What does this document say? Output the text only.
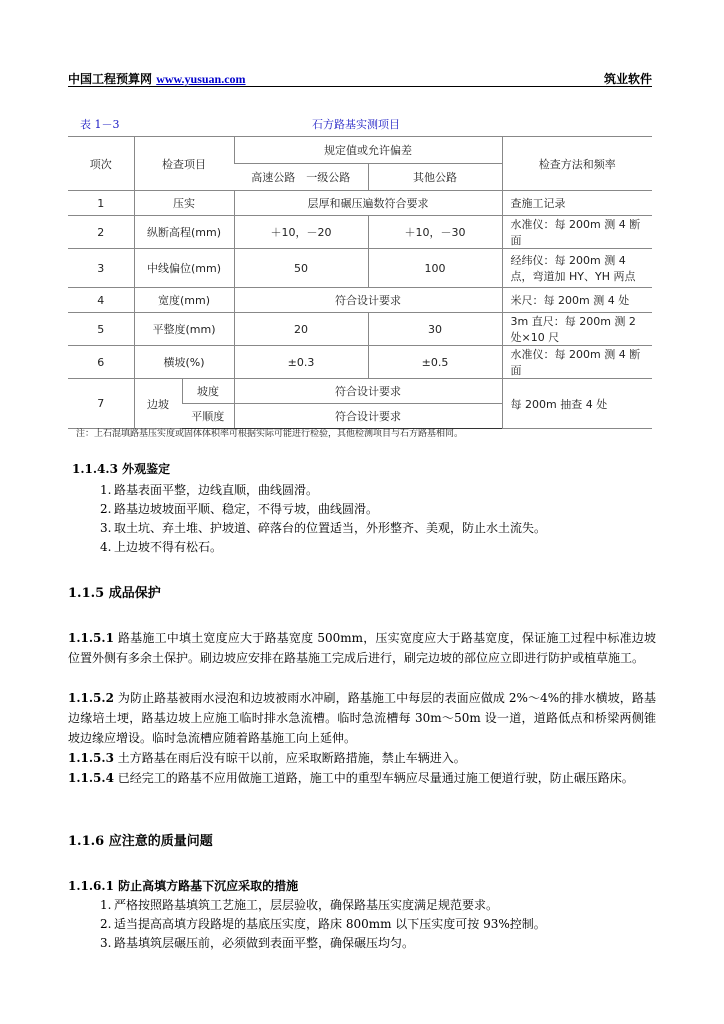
中国工程预算网 www.yusuan.com	筑业软件
表 1－3	石方路基实测项目
项次	检查项目		规定值或允许偏差		检查方法和频率
			高速公路　一级公路	其他公路	
1	压实		层厚和碾压遍数符合要求		查施工记录
2	纵断高程(mm)		＋10，－20	＋10，－30	水准仪：每 200m 测 4 断面
3	中线偏位(mm)		50	100	经纬仪：每 200m 测 4 点，弯道加 HY、YH 两点
4	宽度(mm)		符合设计要求		米尺：每 200m 测 4 处
5	平整度(mm)		20	30	3m 直尺：每 200m 测 2 处×10 尺
6	横坡(%)		±0.3	±0.5	水准仪：每 200m 测 4 断面
7	边坡	坡度	符合设计要求		每 200m 抽查 4 处
		平顺度	符合设计要求		
注：上石混填路基压实度或固体体积率可根据实际可能进行检验，其他检测项目与石方路基相同。
1.1.4.3 外观鉴定
1. 路基表面平整，边线直顺，曲线圆滑。
2. 路基边坡坡面平顺、稳定，不得亏坡，曲线圆滑。
3. 取土坑、弃土堆、护坡道、碎落台的位置适当，外形整齐、美观，防止水土流失。
4. 上边坡不得有松石。
1.1.5 成品保护
1.1.5.1 路基施工中填土宽度应大于路基宽度 500mm，压实宽度应大于路基宽度，保证施工过程中标准边坡位置外侧有多余土保护。刷边坡应安排在路基施工完成后进行，刷完边坡的部位应立即进行防护或植草施工。
1.1.5.2 为防止路基被雨水浸泡和边坡被雨水冲刷，路基施工中每层的表面应做成 2%～4%的排水横坡，路基边缘培土埂，路基边坡上应施工临时排水急流槽。临时急流槽每 30m～50m 设一道，道路低点和桥梁两侧锥坡边缘应增设。临时急流槽应随着路基施工向上延伸。
1.1.5.3 土方路基在雨后没有晾干以前，应采取断路措施，禁止车辆进入。
1.1.5.4 已经完工的路基不应用做施工道路，施工中的重型车辆应尽量通过施工便道行驶，防止碾压路床。
1.1.6 应注意的质量问题
1.1.6.1 防止高填方路基下沉应采取的措施
1. 严格按照路基填筑工艺施工，层层验收，确保路基压实度满足规范要求。
2. 适当提高高填方段路堤的基底压实度，路床 800mm 以下压实度可按 93%控制。
3. 路基填筑层碾压前，必须做到表面平整，确保碾压均匀。
